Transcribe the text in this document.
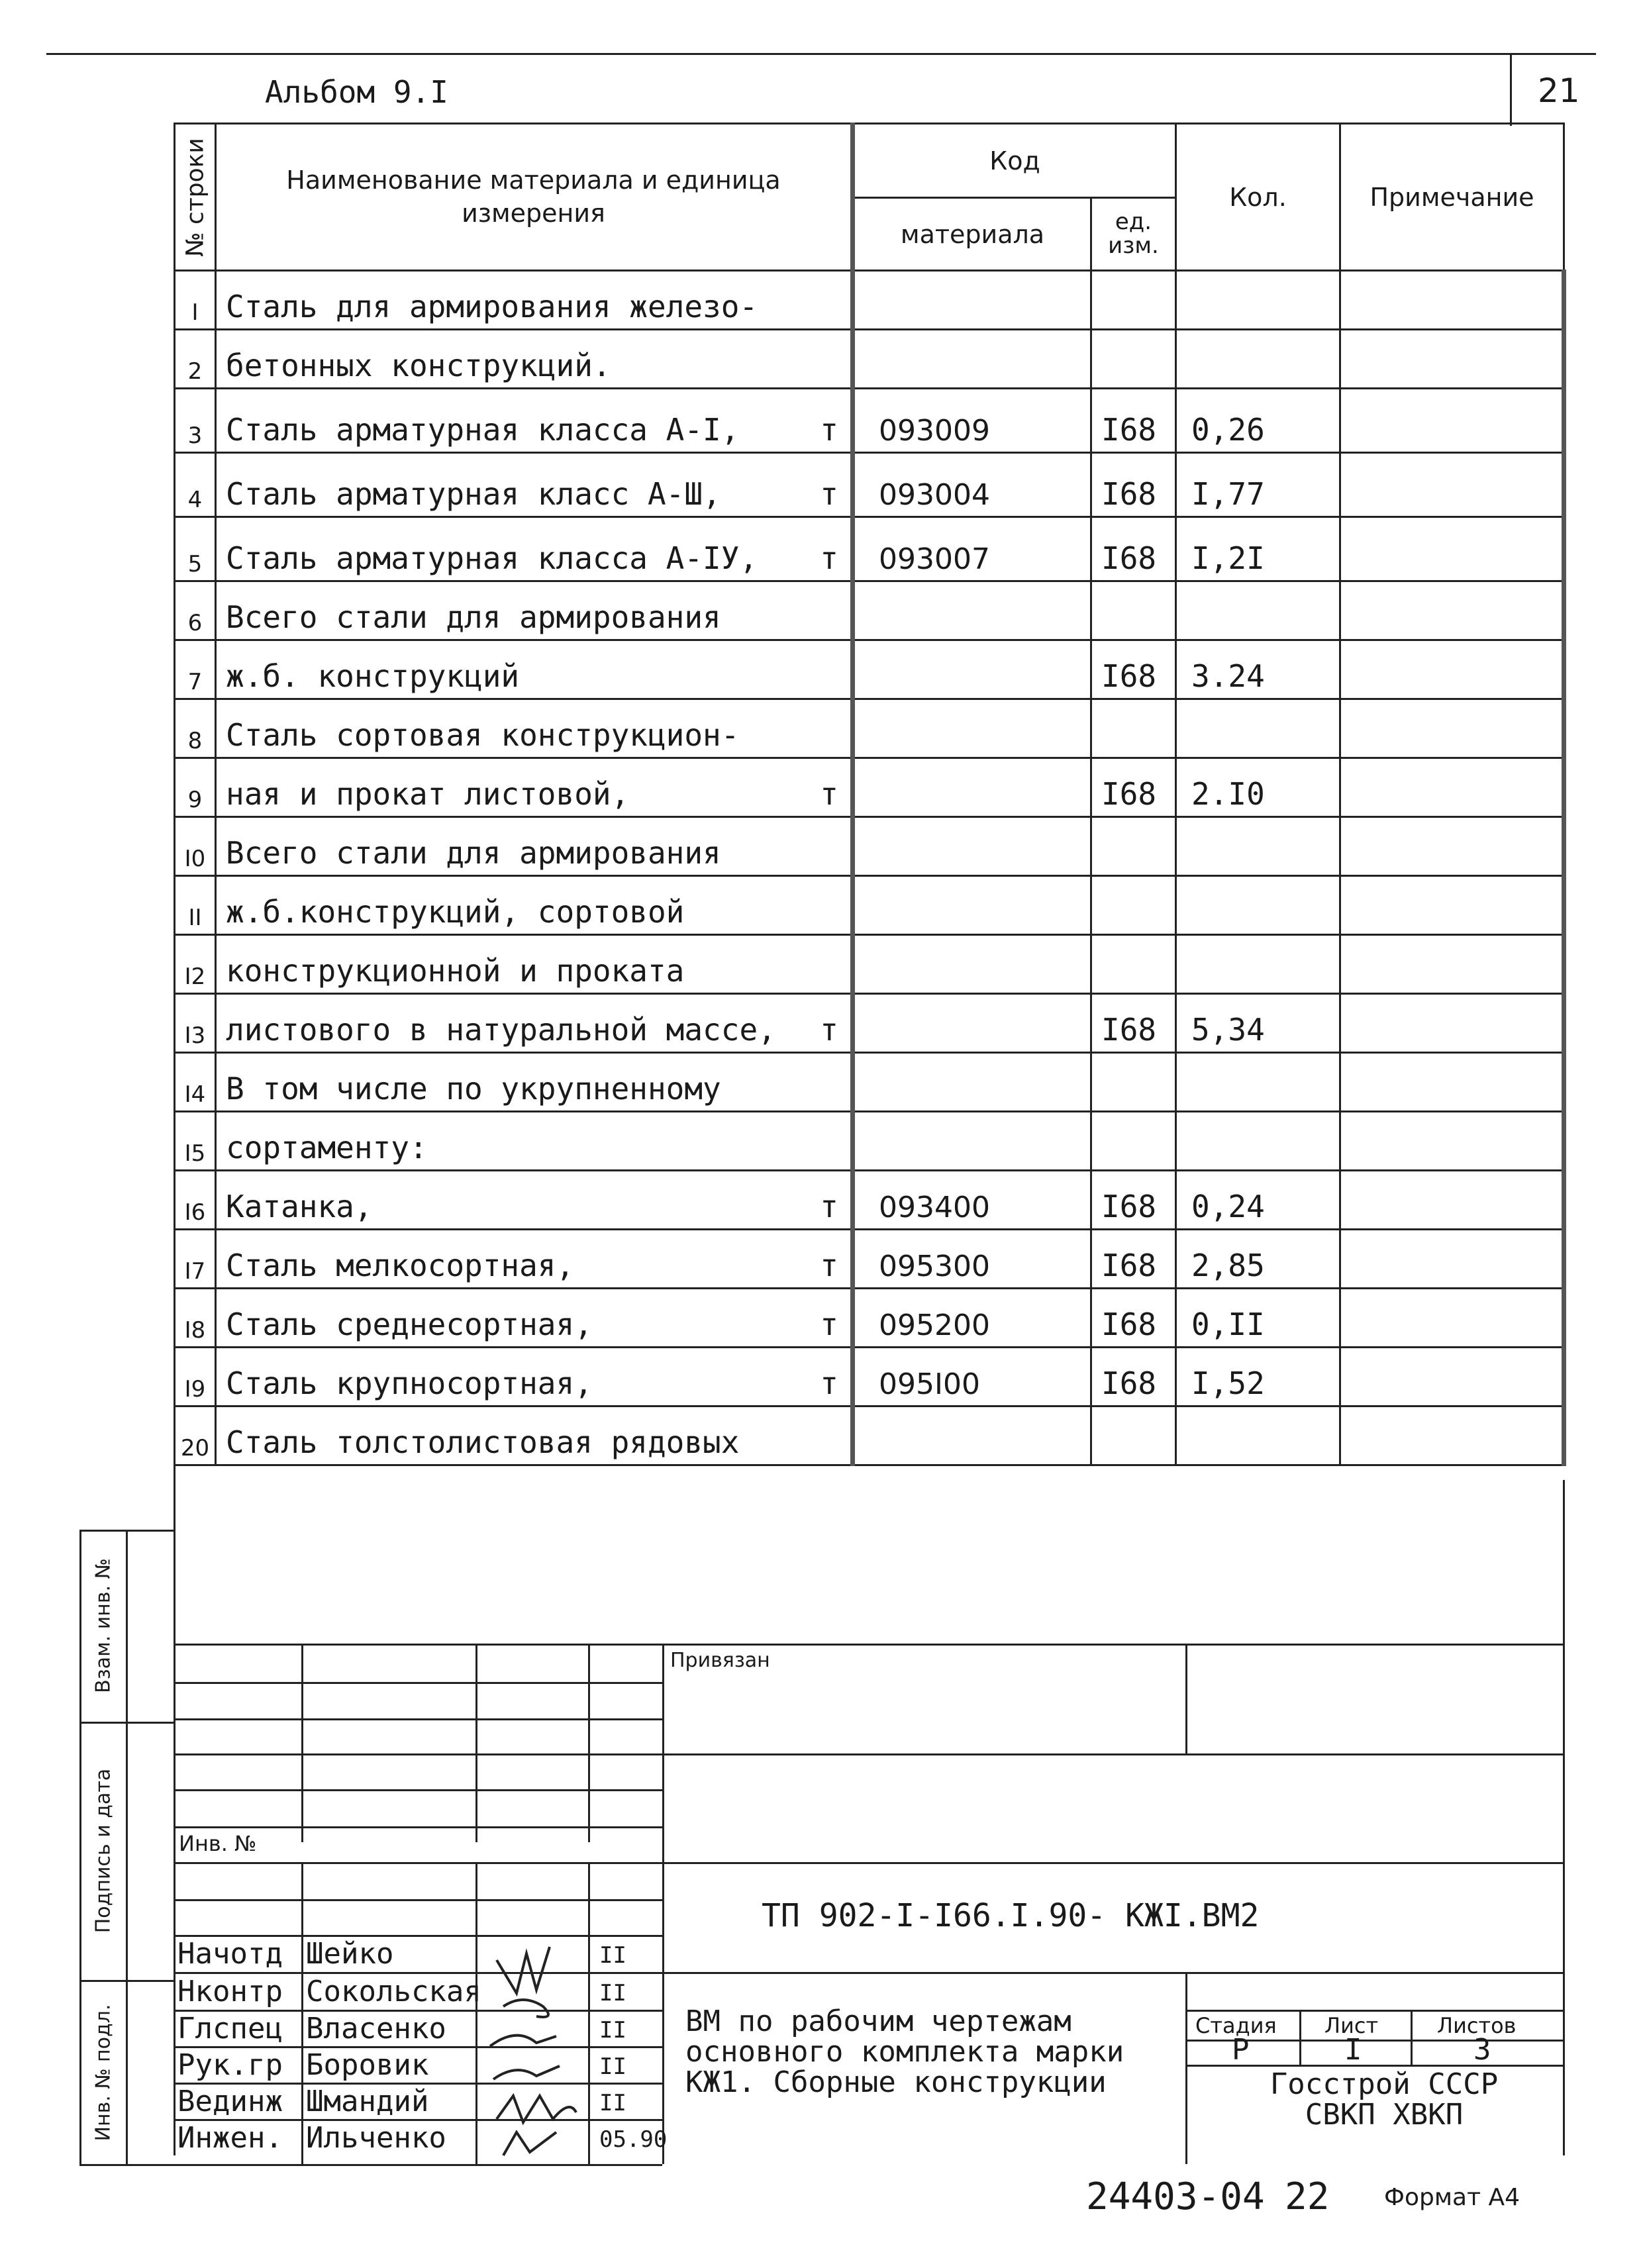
Альбом 9.I	21
№ строки	Наименование материала и единица измерения	Код		Кол.	Примечание
		материала	ед. изм.		
I	Сталь для армирования железо-				

2	бетонных конструкций.				

3	Сталь арматурная класса А-I, т	093009	I68	0,26	
4	Сталь арматурная класс А-Ш, т	093004	I68	I,77	
5	Сталь арматурная класса А-IУ, т	093007	I68	I,2I	
6	Всего стали для армирования				

7	ж.б. конструкций		I68	3.24	
8	Сталь сортовая конструкцион-				

9	ная и прокат листовой, т		I68	2.I0	
I0	Всего стали для армирования				

II	ж.б.конструкций, сортовой				

I2	конструкционной и проката				

I3	листового в натуральной массе, т		I68	5,34	
I4	В том числе по укрупненному				

I5	сортаменту:				

I6	Катанка, т	093400	I68	0,24	
I7	Сталь мелкосортная, т	095300	I68	2,85	
I8	Сталь среднесортная, т	095200	I68	0,II	
I9	Сталь крупносортная, т	095I00	I68	I,52	
20	Сталь толстолистовая рядовых				

Взам. инв. №
Подпись и дата
Инв. № подл.
Привязан
Инв. №
ТП 902-I-I66.I.90- КЖI.ВМ2
ВМ по рабочим чертежам основного комплекта марки КЖ1. Сборные конструкции
Стадия Лист	Листов
Р	I	3
Госстрой СССР СВКП ХВКП
Начотд Шейко	II
Нконтр Сокольская	II
Глспец Власенко	II
Рук.гр Боровик	II
Вединж Шмандий	II
Инжен. Ильченко	05.90
24403-04 22 Формат А4
